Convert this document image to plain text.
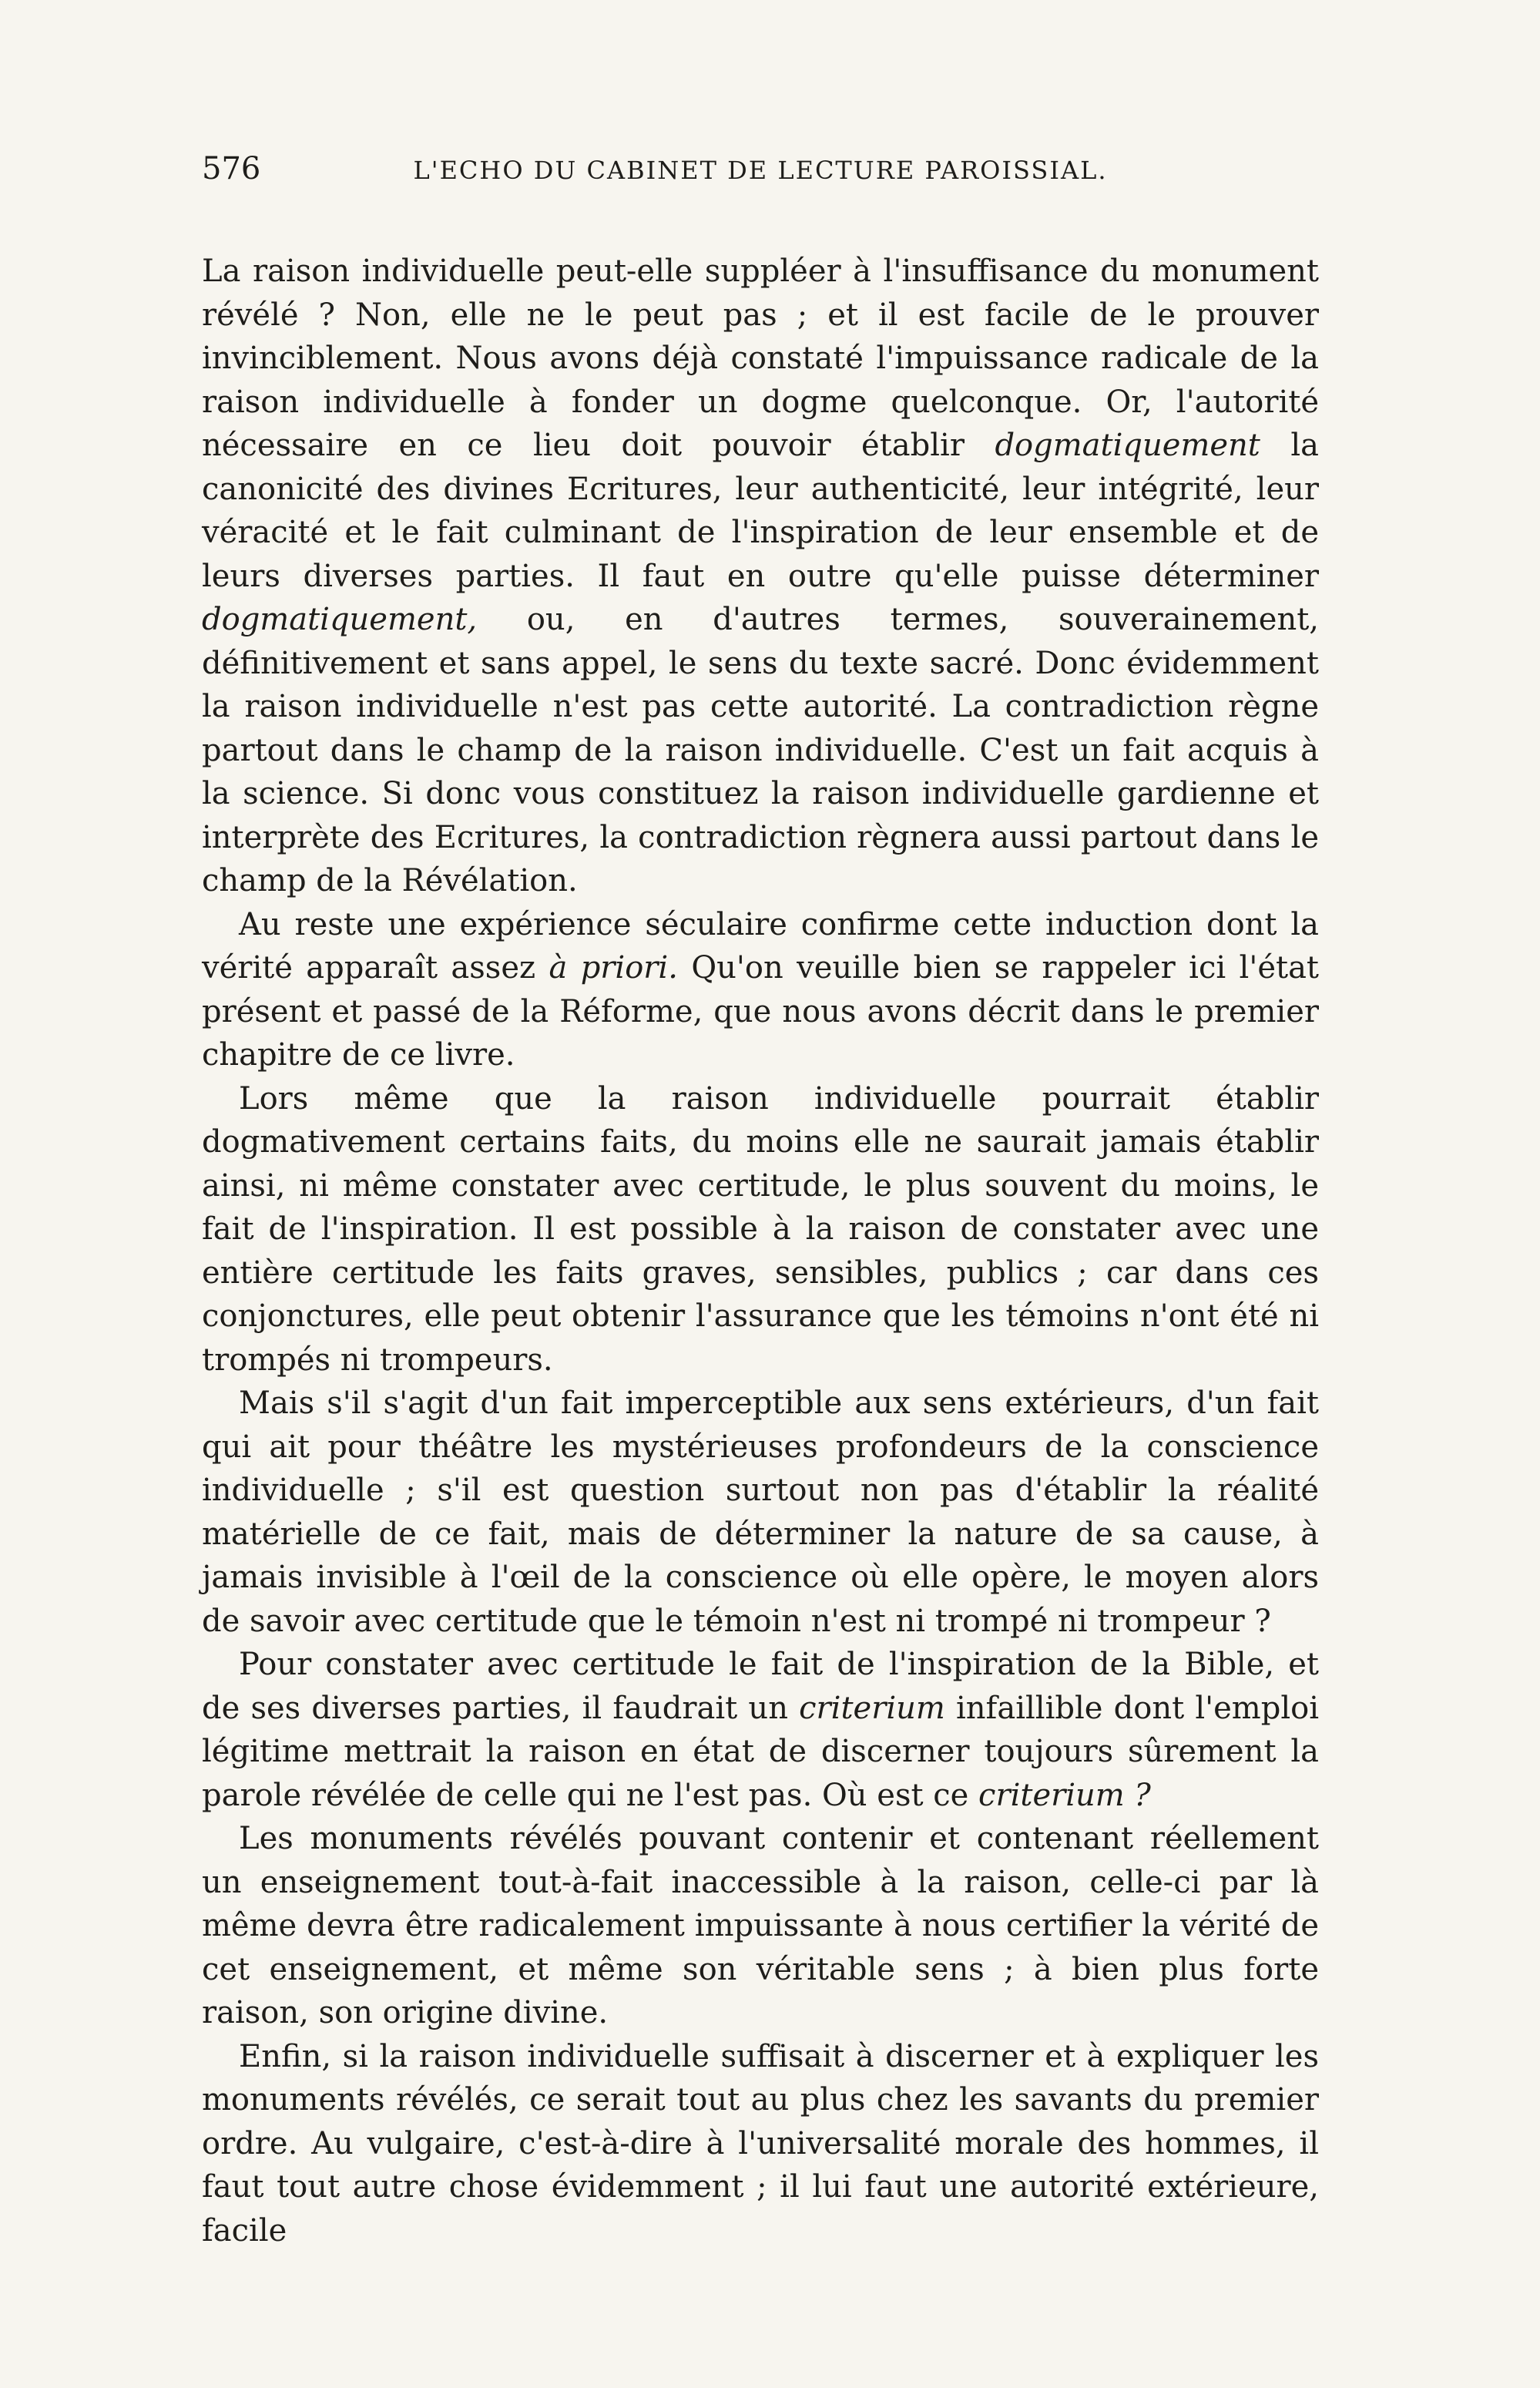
576	L'ECHO DU CABINET DE LECTURE PAROISSIAL.

La raison individuelle peut-elle suppléer à l'insuffisance du monument révélé ? Non, elle ne le peut pas ; et il est facile de le prouver invinciblement. Nous avons déjà constaté l'impuissance radicale de la raison individuelle à fonder un dogme quelconque. Or, l'autorité nécessaire en ce lieu doit pouvoir établir dogmatiquement la canonicité des divines Ecritures, leur authenticité, leur intégrité, leur véracité et le fait culminant de l'inspiration de leur ensemble et de leurs diverses parties. Il faut en outre qu'elle puisse déterminer dogmatiquement, ou, en d'autres termes, souverainement, définitivement et sans appel, le sens du texte sacré. Donc évidemment la raison individuelle n'est pas cette autorité. La contradiction règne partout dans le champ de la raison individuelle. C'est un fait acquis à la science. Si donc vous constituez la raison individuelle gardienne et interprète des Ecritures, la contradiction règnera aussi partout dans le champ de la Révélation.

Au reste une expérience séculaire confirme cette induction dont la vérité apparaît assez à priori. Qu'on veuille bien se rappeler ici l'état présent et passé de la Réforme, que nous avons décrit dans le premier chapitre de ce livre.

Lors même que la raison individuelle pourrait établir dogmativement certains faits, du moins elle ne saurait jamais établir ainsi, ni même constater avec certitude, le plus souvent du moins, le fait de l'inspiration. Il est possible à la raison de constater avec une entière certitude les faits graves, sensibles, publics ; car dans ces conjonctures, elle peut obtenir l'assurance que les témoins n'ont été ni trompés ni trompeurs.

Mais s'il s'agit d'un fait imperceptible aux sens extérieurs, d'un fait qui ait pour théâtre les mystérieuses profondeurs de la conscience individuelle ; s'il est question surtout non pas d'établir la réalité matérielle de ce fait, mais de déterminer la nature de sa cause, à jamais invisible à l'œil de la conscience où elle opère, le moyen alors de savoir avec certitude que le témoin n'est ni trompé ni trompeur ?

Pour constater avec certitude le fait de l'inspiration de la Bible, et de ses diverses parties, il faudrait un criterium infaillible dont l'emploi légitime mettrait la raison en état de discerner toujours sûrement la parole révélée de celle qui ne l'est pas. Où est ce criterium ?

Les monuments révélés pouvant contenir et contenant réellement un enseignement tout-à-fait inaccessible à la raison, celle-ci par là même devra être radicalement impuissante à nous certifier la vérité de cet enseignement, et même son véritable sens ; à bien plus forte raison, son origine divine.

Enfin, si la raison individuelle suffisait à discerner et à expliquer les monuments révélés, ce serait tout au plus chez les savants du premier ordre. Au vulgaire, c'est-à-dire à l'universalité morale des hommes, il faut tout autre chose évidemment ; il lui faut une autorité extérieure, facile
